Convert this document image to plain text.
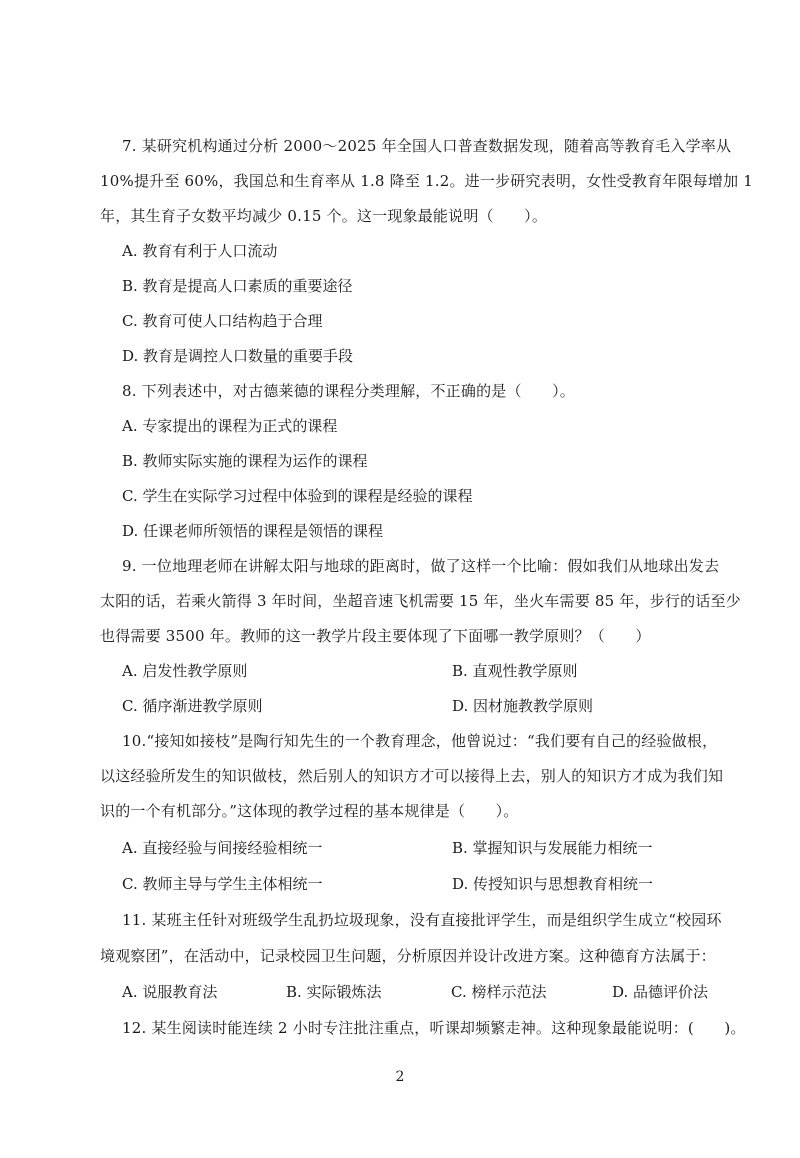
7. 某研究机构通过分析 2000～2025 年全国人口普查数据发现，随着高等教育毛入学率从
10%提升至 60%，我国总和生育率从 1.8 降至 1.2。进一步研究表明，女性受教育年限每增加 1
年，其生育子女数平均减少 0.15 个。这一现象最能说明（　　）。
A. 教育有利于人口流动
B. 教育是提高人口素质的重要途径
C. 教育可使人口结构趋于合理
D. 教育是调控人口数量的重要手段
8. 下列表述中，对古德莱德的课程分类理解，不正确的是（　　）。
A. 专家提出的课程为正式的课程
B. 教师实际实施的课程为运作的课程
C. 学生在实际学习过程中体验到的课程是经验的课程
D. 任课老师所领悟的课程是领悟的课程
9. 一位地理老师在讲解太阳与地球的距离时，做了这样一个比喻：假如我们从地球出发去
太阳的话，若乘火箭得 3 年时间，坐超音速飞机需要 15 年，坐火车需要 85 年，步行的话至少
也得需要 3500 年。教师的这一教学片段主要体现了下面哪一教学原则？（　　）
A. 启发性教学原则	B. 直观性教学原则
C. 循序渐进教学原则	D. 因材施教教学原则
10.“接知如接枝”是陶行知先生的一个教育理念，他曾说过：“我们要有自己的经验做根，
以这经验所发生的知识做枝，然后别人的知识方才可以接得上去，别人的知识方才成为我们知
识的一个有机部分。”这体现的教学过程的基本规律是（　　）。
A. 直接经验与间接经验相统一	B. 掌握知识与发展能力相统一
C. 教师主导与学生主体相统一	D. 传授知识与思想教育相统一
11. 某班主任针对班级学生乱扔垃圾现象，没有直接批评学生，而是组织学生成立“校园环
境观察团”，在活动中，记录校园卫生问题，分析原因并设计改进方案。这种德育方法属于：
A. 说服教育法	B. 实际锻炼法	C. 榜样示范法	D. 品德评价法
12. 某生阅读时能连续 2 小时专注批注重点，听课却频繁走神。这种现象最能说明：(　　)。
2
